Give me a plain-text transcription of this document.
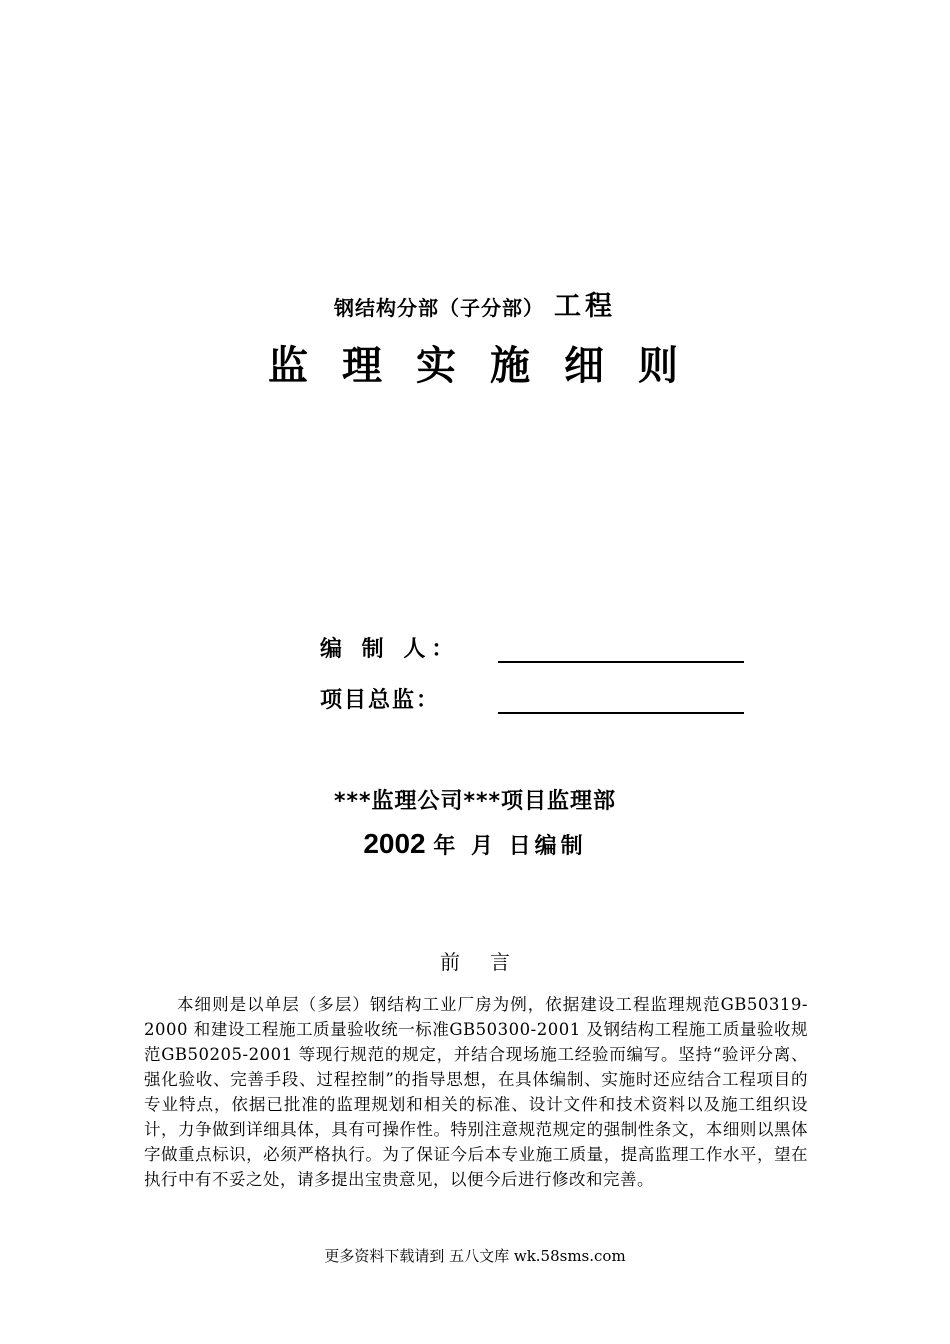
钢结构分部（子分部） 工程
监理实施细则
编 制 人：
项目总监：
***监理公司***项目监理部
2002 年 月 日编制
前言
本细则是以单层（多层）钢结构工业厂房为例，依据建设工程监理规范GB50319-2000 和建设工程施工质量验收统一标准GB50300-2001 及钢结构工程施工质量验收规范GB50205-2001 等现行规范的规定，并结合现场施工经验而编写。坚持“验评分离、强化验收、完善手段、过程控制”的指导思想，在具体编制、实施时还应结合工程项目的专业特点，依据已批准的监理规划和相关的标准、设计文件和技术资料以及施工组织设计，力争做到详细具体，具有可操作性。特别注意规范规定的强制性条文，本细则以黑体字做重点标识，必须严格执行。为了保证今后本专业施工质量，提高监理工作水平，望在执行中有不妥之处，请多提出宝贵意见，以便今后进行修改和完善。
更多资料下载请到 五八文库 wk.58sms.com
